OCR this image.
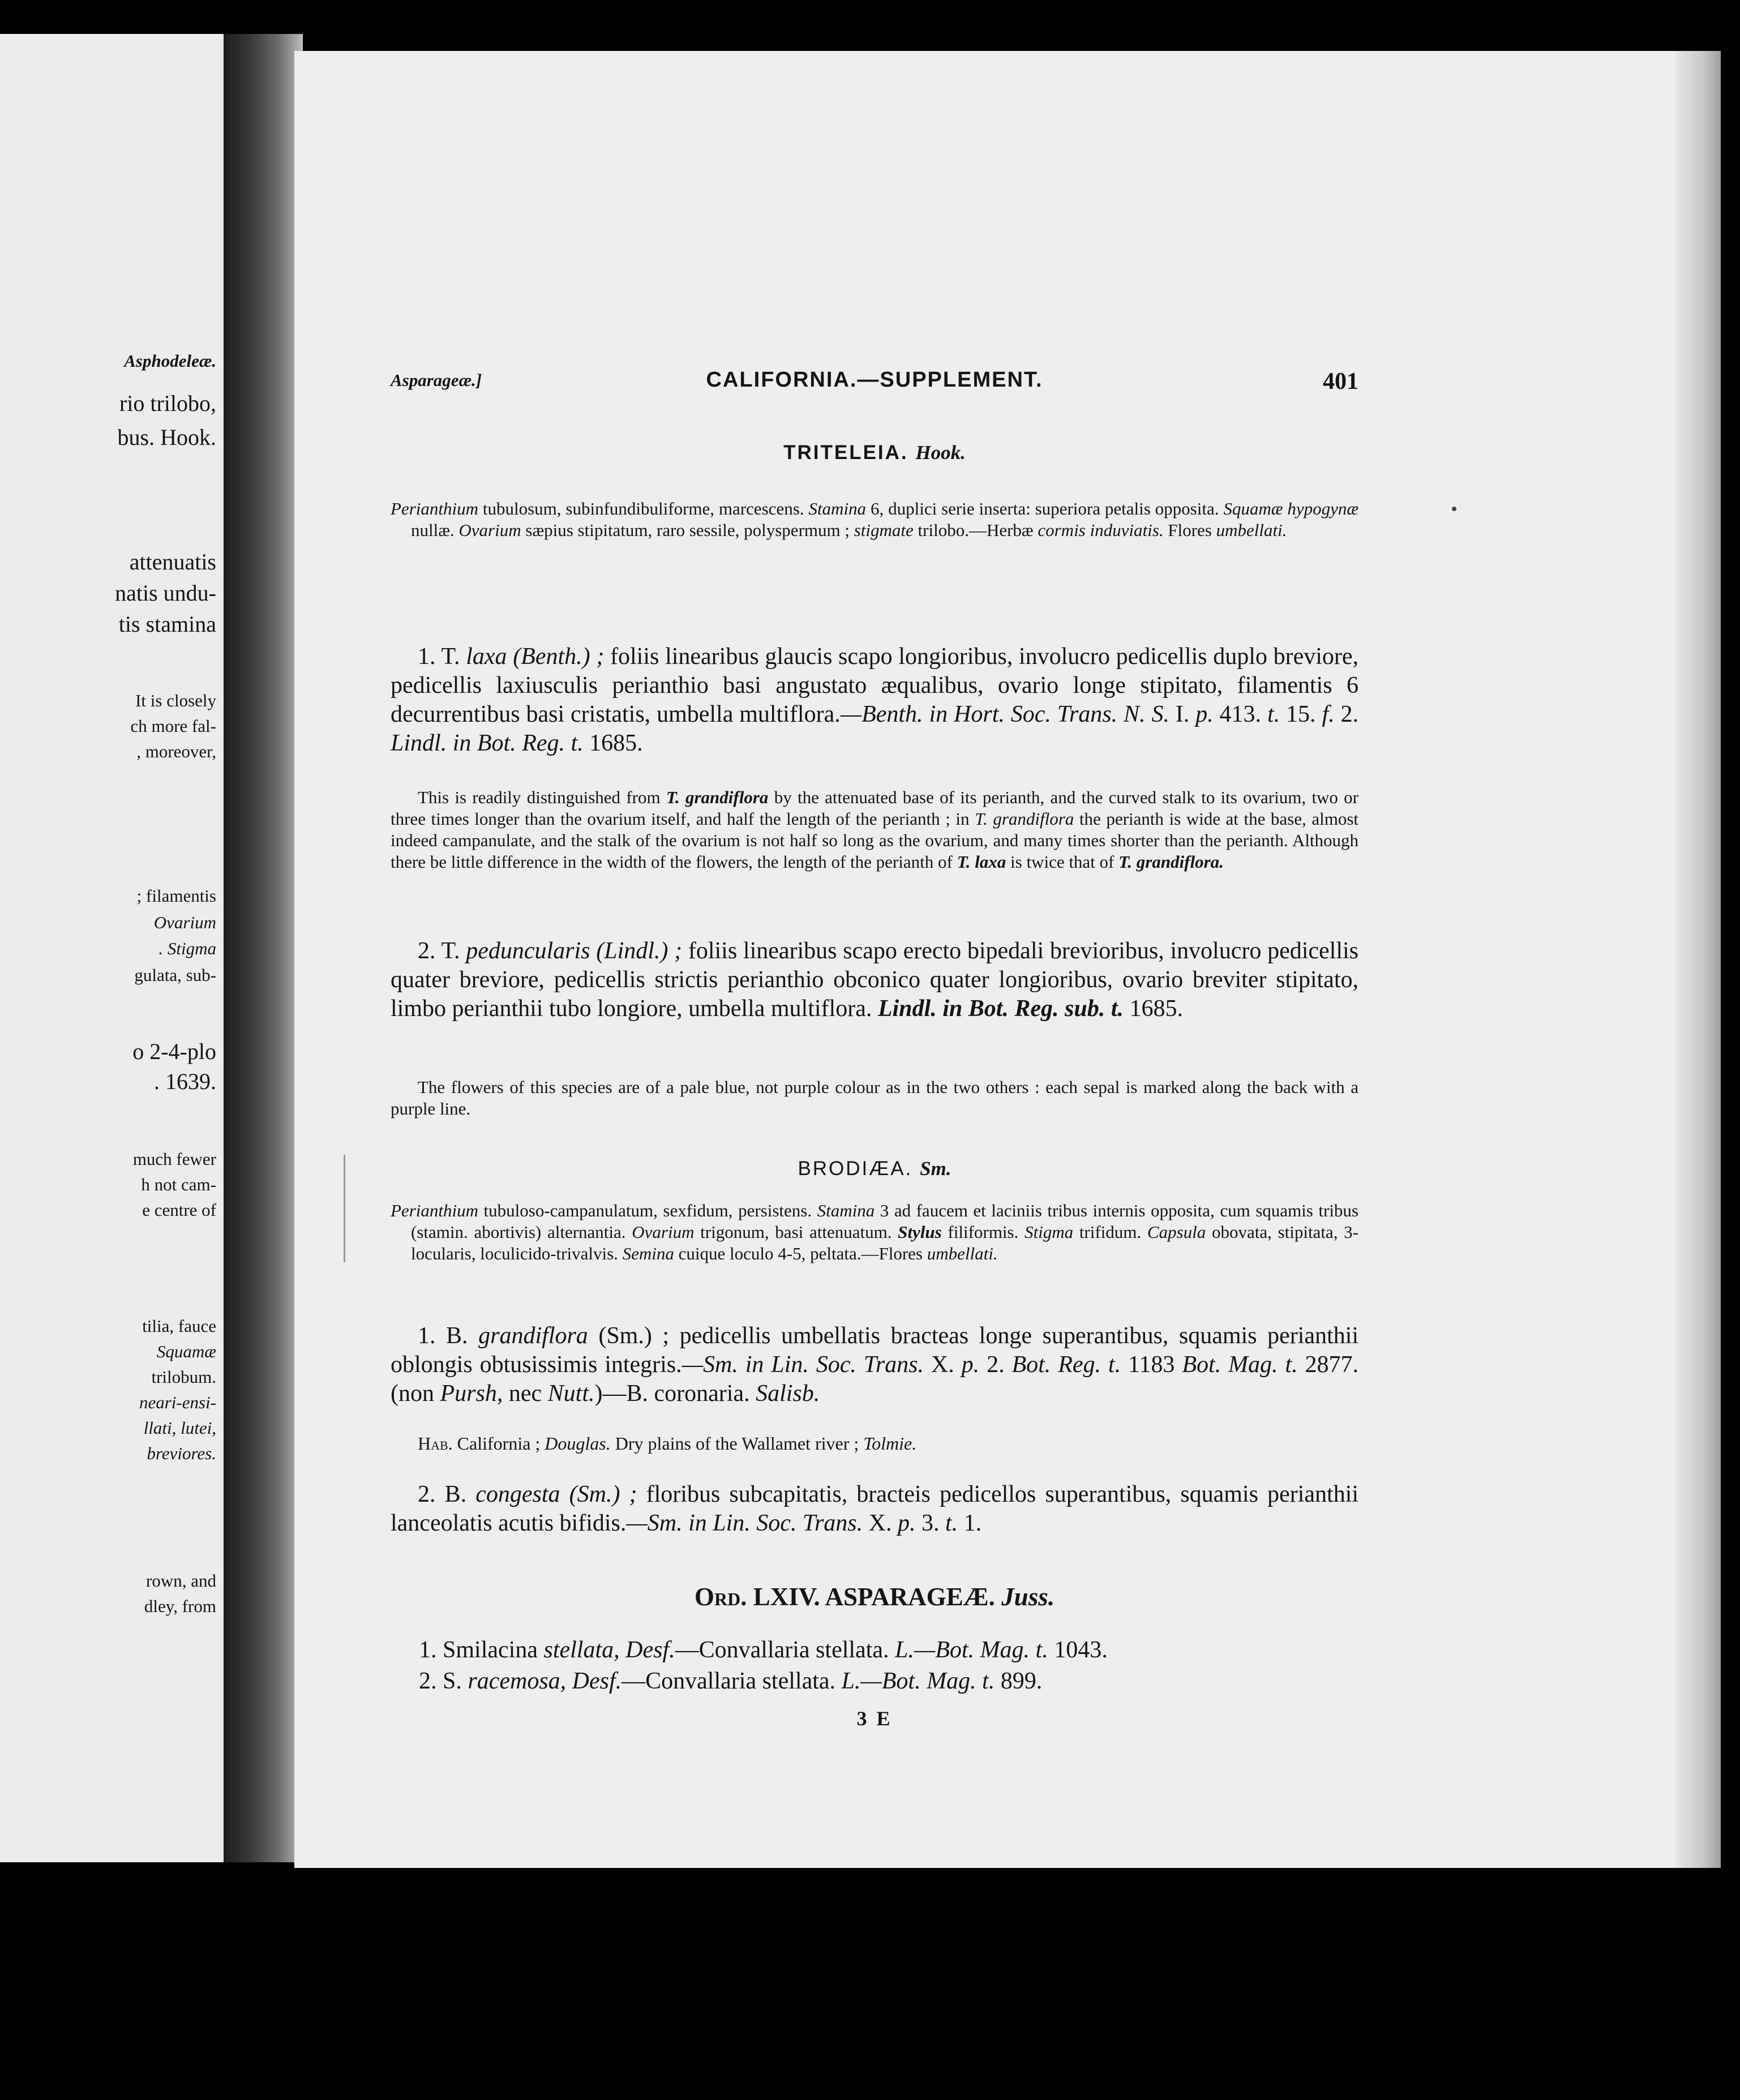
Asphodeleæ.

rio trilobo,

bus. Hook.

attenuatis

natis undu-

tis stamina

It is closely

ch more fal-

, moreover,

; filamentis

Ovarium

. Stigma

gulata, sub-

o 2-4-plo

. 1639.

much fewer

h not cam-

e centre of

tilia, fauce

Squamæ

trilobum.

neari-ensi-

llati, lutei,

breviores.

rown, and

dley, from

Asparageæ.]	CALIFORNIA.—SUPPLEMENT.	401
TRITELEIA. Hook.
Perianthium tubulosum, subinfundibuliforme, marcescens. Stamina 6, duplici serie inserta: superiora petalis opposita. Squamæ hypogynæ nullæ. Ovarium sæpius stipitatum, raro sessile, polyspermum ; stigmate trilobo.—Herbæ cormis induviatis. Flores umbellati.
1. T. laxa (Benth.) ; foliis linearibus glaucis scapo longioribus, involucro pedicellis duplo breviore, pedicellis laxiusculis perianthio basi angustato æqualibus, ovario longe stipitato, filamentis 6 decurrentibus basi cristatis, umbella multiflora.—Benth. in Hort. Soc. Trans. N. S. I. p. 413. t. 15. f. 2. Lindl. in Bot. Reg. t. 1685.
This is readily distinguished from T. grandiflora by the attenuated base of its perianth, and the curved stalk to its ovarium, two or three times longer than the ovarium itself, and half the length of the perianth ; in T. grandiflora the perianth is wide at the base, almost indeed campanulate, and the stalk of the ovarium is not half so long as the ovarium, and many times shorter than the perianth. Although there be little difference in the width of the flowers, the length of the perianth of T. laxa is twice that of T. grandiflora.
2. T. peduncularis (Lindl.) ; foliis linearibus scapo erecto bipedali brevioribus, involucro pedicellis quater breviore, pedicellis strictis perianthio obconico quater longioribus, ovario breviter stipitato, limbo perianthii tubo longiore, umbella multiflora. Lindl. in Bot. Reg. sub. t. 1685.
The flowers of this species are of a pale blue, not purple colour as in the two others : each sepal is marked along the back with a purple line.
BRODIÆA. Sm.
Perianthium tubuloso-campanulatum, sexfidum, persistens. Stamina 3 ad faucem et laciniis tribus internis opposita, cum squamis tribus (stamin. abortivis) alternantia. Ovarium trigonum, basi attenuatum. Stylus filiformis. Stigma trifidum. Capsula obovata, stipitata, 3-locularis, loculicido-trivalvis. Semina cuique loculo 4-5, peltata.—Flores umbellati.
1. B. grandiflora (Sm.) ; pedicellis umbellatis bracteas longe superantibus, squamis perianthii oblongis obtusissimis integris.—Sm. in Lin. Soc. Trans. X. p. 2. Bot. Reg. t. 1183 Bot. Mag. t. 2877. (non Pursh, nec Nutt.)—B. coronaria. Salisb.
Hab. California ; Douglas. Dry plains of the Wallamet river ; Tolmie.
2. B. congesta (Sm.) ; floribus subcapitatis, bracteis pedicellos superantibus, squamis perianthii lanceolatis acutis bifidis.—Sm. in Lin. Soc. Trans. X. p. 3. t. 1.
Ord. LXIV. ASPARAGEÆ. Juss.
1. Smilacina stellata, Desf.—Convallaria stellata. L.—Bot. Mag. t. 1043.
2. S. racemosa, Desf.—Convallaria stellata. L.—Bot. Mag. t. 899.
3 E
